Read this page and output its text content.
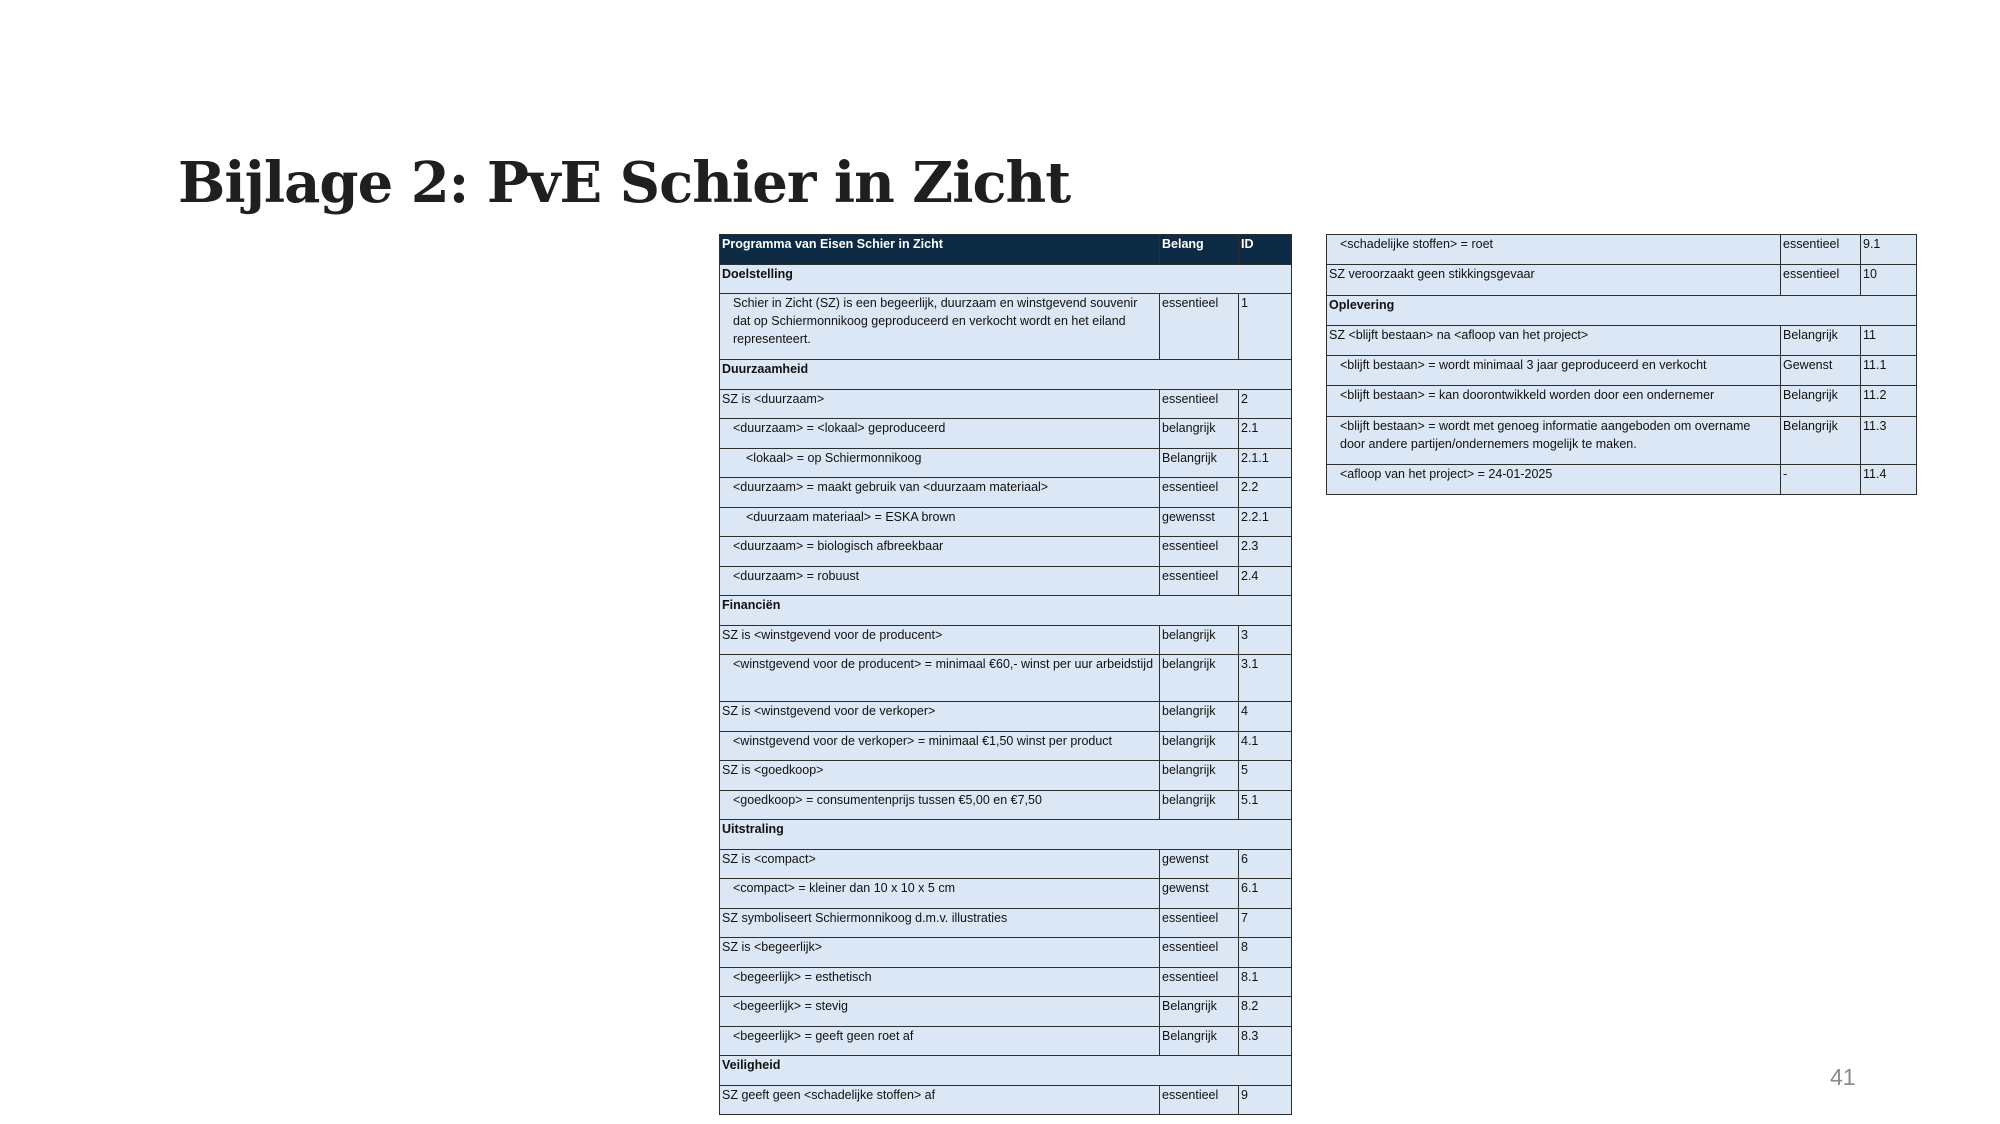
Bijlage 2: PvE Schier in Zicht
Programma van Eisen Schier in Zicht	Belang	ID
Doelstelling		
Schier in Zicht (SZ) is een begeerlijk, duurzaam en winstgevend souvenir dat op Schiermonnikoog geproduceerd en verkocht wordt en het eiland representeert.	essentieel	1
Duurzaamheid		
SZ is <duurzaam>	essentieel	2
<duurzaam> = <lokaal> geproduceerd	belangrijk	2.1
<lokaal> = op Schiermonnikoog	Belangrijk	2.1.1
<duurzaam> = maakt gebruik van <duurzaam materiaal>	essentieel	2.2
<duurzaam materiaal> = ESKA brown	gewensst	2.2.1
<duurzaam> = biologisch afbreekbaar	essentieel	2.3
<duurzaam> = robuust	essentieel	2.4
Financiën		
SZ is <winstgevend voor de producent>	belangrijk	3
<winstgevend voor de producent> = minimaal €60,- winst per uur arbeidstijd	belangrijk	3.1
SZ is <winstgevend voor de verkoper>	belangrijk	4
<winstgevend voor de verkoper> = minimaal €1,50 winst per product	belangrijk	4.1
SZ is <goedkoop>	belangrijk	5
<goedkoop> = consumentenprijs tussen €5,00 en €7,50	belangrijk	5.1
Uitstraling		
SZ is <compact>	gewenst	6
<compact> = kleiner dan 10 x 10 x 5 cm	gewenst	6.1
SZ symboliseert Schiermonnikoog d.m.v. illustraties	essentieel	7
SZ is <begeerlijk>	essentieel	8
<begeerlijk> = esthetisch	essentieel	8.1
<begeerlijk> = stevig	Belangrijk	8.2
<begeerlijk> = geeft geen roet af	Belangrijk	8.3
Veiligheid		
SZ geeft geen <schadelijke stoffen> af	essentieel	9
<schadelijke stoffen> = roet	essentieel	9.1
SZ veroorzaakt geen stikkingsgevaar	essentieel	10
Oplevering		
SZ <blijft bestaan> na <afloop van het project>	Belangrijk	11
<blijft bestaan> = wordt minimaal 3 jaar geproduceerd en verkocht	Gewenst	11.1
<blijft bestaan> = kan doorontwikkeld worden door een ondernemer	Belangrijk	11.2
<blijft bestaan> = wordt met genoeg informatie aangeboden om overname door andere partijen/ondernemers mogelijk te maken.	Belangrijk	11.3
<afloop van het project> = 24-01-2025	-	11.4
41
